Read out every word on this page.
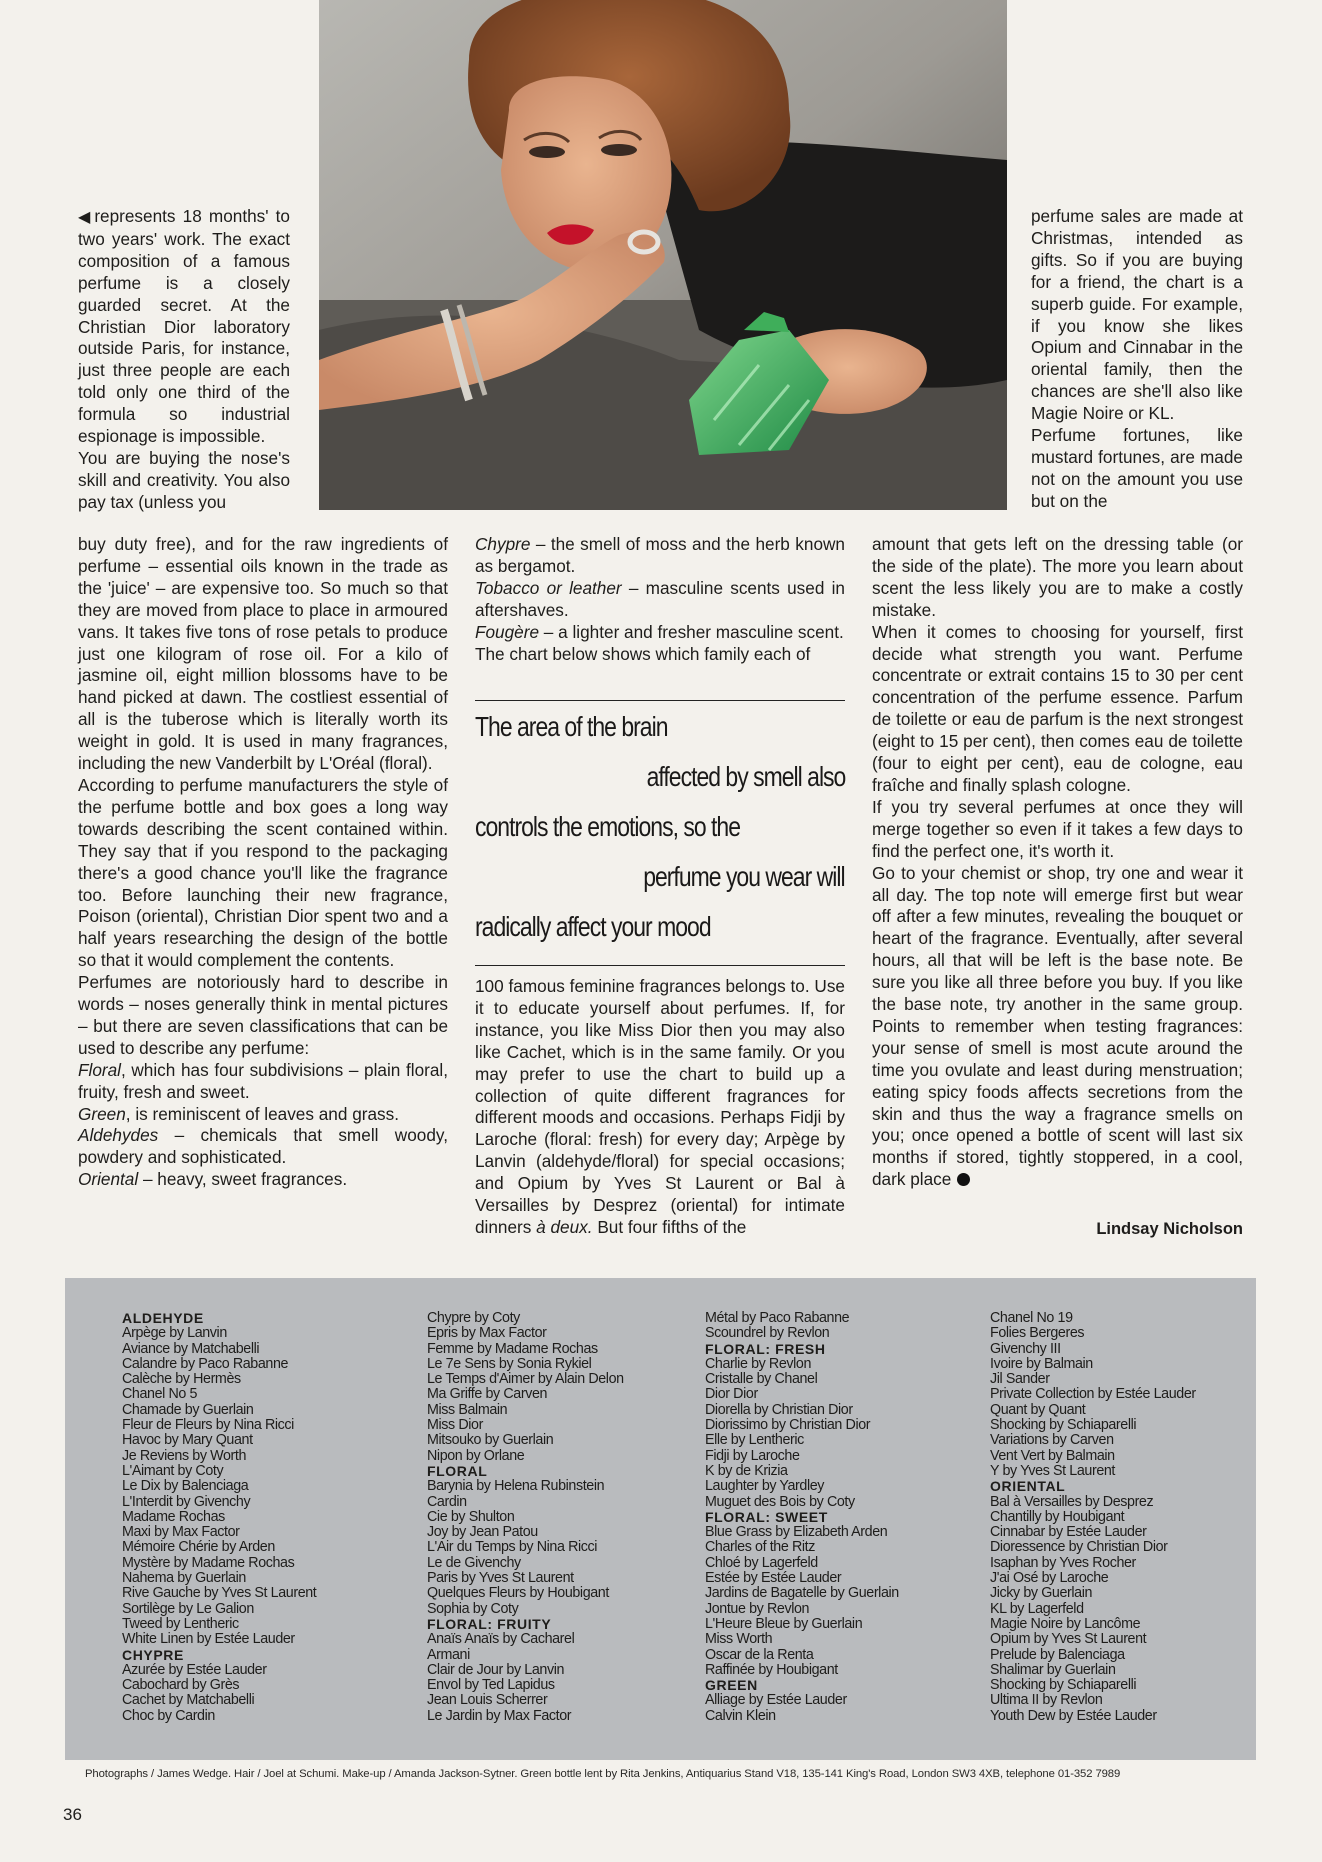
◀ represents 18 months' to two years' work. The exact composition of a famous perfume is a closely guarded secret. At the Christian Dior laboratory outside Paris, for instance, just three people are each told only one third of the formula so industrial espionage is impossible.

You are buying the nose's skill and creativity. You also pay tax (unless you

buy duty free), and for the raw ingredients of perfume – essential oils known in the trade as the 'juice' – are expensive too. So much so that they are moved from place to place in armoured vans. It takes five tons of rose petals to produce just one kilogram of rose oil. For a kilo of jasmine oil, eight million blossoms have to be hand picked at dawn. The costliest essential of all is the tuberose which is literally worth its weight in gold. It is used in many fragrances, including the new Vanderbilt by L'Oréal (floral).

According to perfume manufacturers the style of the perfume bottle and box goes a long way towards describing the scent contained within. They say that if you respond to the packaging there's a good chance you'll like the fragrance too. Before launching their new fragrance, Poison (oriental), Christian Dior spent two and a half years researching the design of the bottle so that it would complement the contents.

Perfumes are notoriously hard to describe in words – noses generally think in mental pictures – but there are seven classifications that can be used to describe any perfume:

Floral, which has four subdivisions – plain floral, fruity, fresh and sweet.

Green, is reminiscent of leaves and grass.

Aldehydes – chemicals that smell woody, powdery and sophisticated.

Oriental – heavy, sweet fragrances.

Chypre – the smell of moss and the herb known as bergamot.

Tobacco or leather – masculine scents used in aftershaves.

Fougère – a lighter and fresher masculine scent.

The chart below shows which family each of

The area of the brain
affected by smell also
controls the emotions, so the
perfume you wear will
radically affect your mood

100 famous feminine fragrances belongs to. Use it to educate yourself about perfumes. If, for instance, you like Miss Dior then you may also like Cachet, which is in the same family. Or you may prefer to use the chart to build up a collection of quite different fragrances for different moods and occasions. Perhaps Fidji by Laroche (floral: fresh) for every day; Arpège by Lanvin (aldehyde/floral) for special occasions; and Opium by Yves St Laurent or Bal à Versailles by Desprez (oriental) for intimate dinners à deux. But four fifths of the

perfume sales are made at Christmas, intended as gifts. So if you are buying for a friend, the chart is a superb guide. For example, if you know she likes Opium and Cinnabar in the oriental family, then the chances are she'll also like Magie Noire or KL.

Perfume fortunes, like mustard fortunes, are made not on the amount you use but on the

amount that gets left on the dressing table (or the side of the plate). The more you learn about scent the less likely you are to make a costly mistake.

When it comes to choosing for yourself, first decide what strength you want. Perfume concentrate or extrait contains 15 to 30 per cent concentration of the perfume essence. Parfum de toilette or eau de parfum is the next strongest (eight to 15 per cent), then comes eau de toilette (four to eight per cent), eau de cologne, eau fraîche and finally splash cologne.

If you try several perfumes at once they will merge together so even if it takes a few days to find the perfect one, it's worth it.

Go to your chemist or shop, try one and wear it all day. The top note will emerge first but wear off after a few minutes, revealing the bouquet or heart of the fragrance. Eventually, after several hours, all that will be left is the base note. Be sure you like all three before you buy. If you like the base note, try another in the same group. Points to remember when testing fragrances: your sense of smell is most acute around the time you ovulate and least during menstruation; eating spicy foods affects secretions from the skin and thus the way a fragrance smells on you; once opened a bottle of scent will last six months if stored, tightly stoppered, in a cool, dark place

Lindsay Nicholson
ALDEHYDE
Arpège by Lanvin
Aviance by Matchabelli
Calandre by Paco Rabanne
Calèche by Hermès
Chanel No 5
Chamade by Guerlain
Fleur de Fleurs by Nina Ricci
Havoc by Mary Quant
Je Reviens by Worth
L'Aimant by Coty
Le Dix by Balenciaga
L'Interdit by Givenchy
Madame Rochas
Maxi by Max Factor
Mémoire Chérie by Arden
Mystère by Madame Rochas
Nahema by Guerlain
Rive Gauche by Yves St Laurent
Sortilège by Le Galion
Tweed by Lentheric
White Linen by Estée Lauder
CHYPRE
Azurée by Estée Lauder
Cabochard by Grès
Cachet by Matchabelli
Choc by Cardin
Chypre by Coty
Epris by Max Factor
Femme by Madame Rochas
Le 7e Sens by Sonia Rykiel
Le Temps d'Aimer by Alain Delon
Ma Griffe by Carven
Miss Balmain
Miss Dior
Mitsouko by Guerlain
Nipon by Orlane
FLORAL
Barynia by Helena Rubinstein
Cardin
Cie by Shulton
Joy by Jean Patou
L'Air du Temps by Nina Ricci
Le de Givenchy
Paris by Yves St Laurent
Quelques Fleurs by Houbigant
Sophia by Coty
FLORAL: FRUITY
Anaïs Anaïs by Cacharel
Armani
Clair de Jour by Lanvin
Envol by Ted Lapidus
Jean Louis Scherrer
Le Jardin by Max Factor
Métal by Paco Rabanne
Scoundrel by Revlon
FLORAL: FRESH
Charlie by Revlon
Cristalle by Chanel
Dior Dior
Diorella by Christian Dior
Diorissimo by Christian Dior
Elle by Lentheric
Fidji by Laroche
K by de Krizia
Laughter by Yardley
Muguet des Bois by Coty
FLORAL: SWEET
Blue Grass by Elizabeth Arden
Charles of the Ritz
Chloé by Lagerfeld
Estée by Estée Lauder
Jardins de Bagatelle by Guerlain
Jontue by Revlon
L'Heure Bleue by Guerlain
Miss Worth
Oscar de la Renta
Raffinée by Houbigant
GREEN
Alliage by Estée Lauder
Calvin Klein
Chanel No 19
Folies Bergeres
Givenchy III
Ivoire by Balmain
Jil Sander
Private Collection by Estée Lauder
Quant by Quant
Shocking by Schiaparelli
Variations by Carven
Vent Vert by Balmain
Y by Yves St Laurent
ORIENTAL
Bal à Versailles by Desprez
Chantilly by Houbigant
Cinnabar by Estée Lauder
Dioressence by Christian Dior
Isaphan by Yves Rocher
J'ai Osé by Laroche
Jicky by Guerlain
KL by Lagerfeld
Magie Noire by Lancôme
Opium by Yves St Laurent
Prelude by Balenciaga
Shalimar by Guerlain
Shocking by Schiaparelli
Ultima II by Revlon
Youth Dew by Estée Lauder
Photographs / James Wedge. Hair / Joel at Schumi. Make-up / Amanda Jackson-Sytner. Green bottle lent by Rita Jenkins, Antiquarius Stand V18, 135-141 King's Road, London SW3 4XB, telephone 01-352 7989
36
